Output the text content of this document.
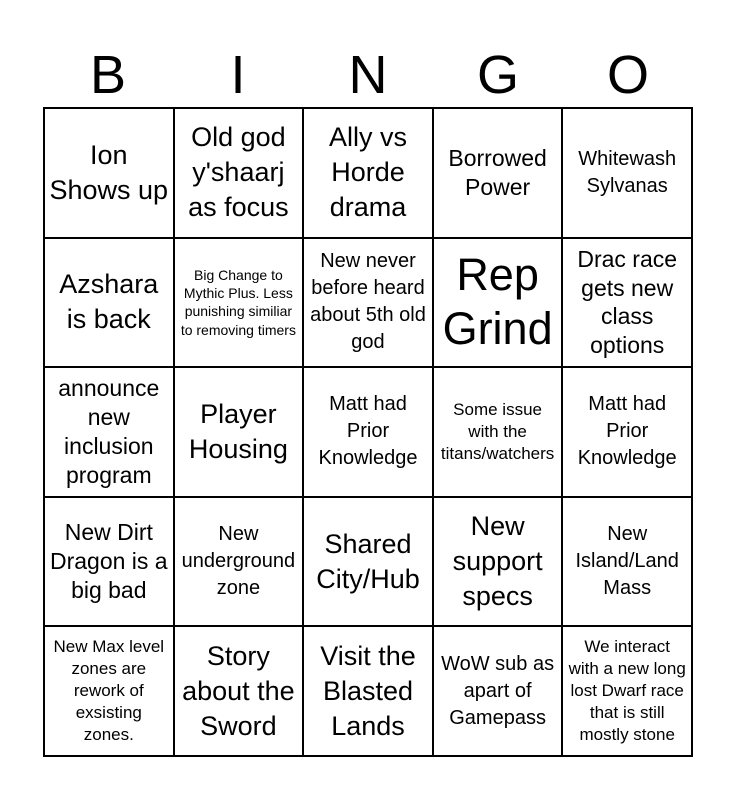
B	I	N	G	O
Ion Shows up
Old god y'shaarj as focus
Ally vs Horde drama
Borrowed Power
Whitewash Sylvanas
Azshara is back
Big Change to Mythic Plus. Less punishing similiar to removing timers
New never before heard about 5th old god
Rep Grind
Drac race gets new class options
announce new inclusion program
Player Housing
Matt had Prior Knowledge
Some issue with the titans/watchers
Matt had Prior Knowledge
New Dirt Dragon is a big bad
New underground zone
Shared City/Hub
New support specs
New Island/Land Mass
New Max level zones are rework of exsisting zones.
Story about the Sword
Visit the Blasted Lands
WoW sub as apart of Gamepass
We interact with a new long lost Dwarf race that is still mostly stone
